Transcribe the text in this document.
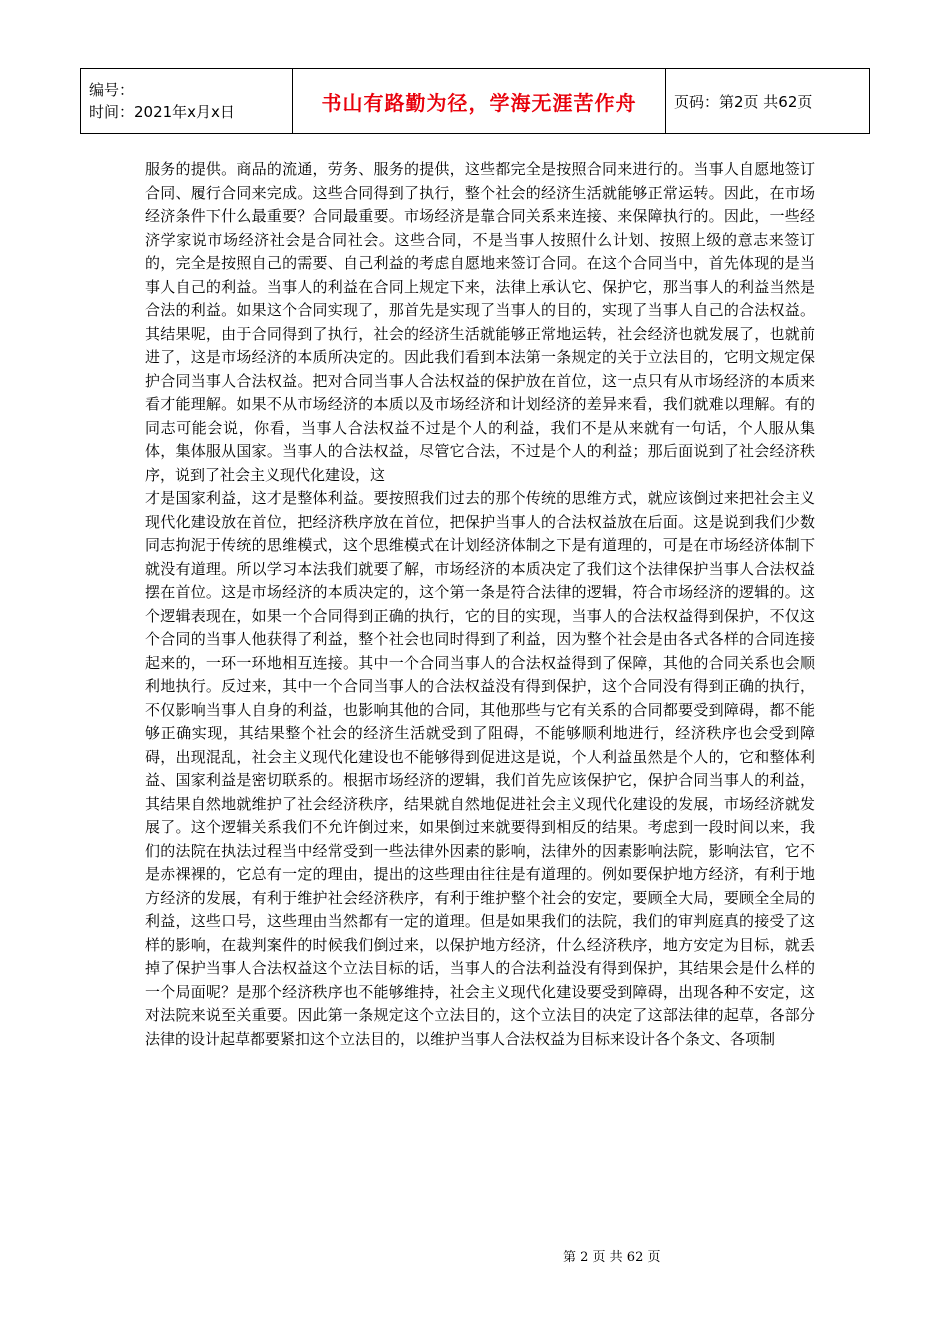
编号：
时间：2021年x月x日	书山有路勤为径，学海无涯苦作舟	页码：第2页 共62页

服务的提供。商品的流通，劳务、服务的提供，这些都完全是按照合同来进行的。当事人自愿地签订合同、履行合同来完成。这些合同得到了执行，整个社会的经济生活就能够正常运转。因此，在市场经济条件下什么最重要？合同最重要。市场经济是靠合同关系来连接、来保障执行的。因此，一些经济学家说市场经济社会是合同社会。这些合同，不是当事人按照什么计划、按照上级的意志来签订的，完全是按照自己的需要、自己利益的考虑自愿地来签订合同。在这个合同当中，首先体现的是当事人自己的利益。当事人的利益在合同上规定下来，法律上承认它、保护它，那当事人的利益当然是合法的利益。如果这个合同实现了，那首先是实现了当事人的目的，实现了当事人自己的合法权益。其结果呢，由于合同得到了执行，社会的经济生活就能够正常地运转，社会经济也就发展了，也就前进了，这是市场经济的本质所决定的。因此我们看到本法第一条规定的关于立法目的，它明文规定保护合同当事人合法权益。把对合同当事人合法权益的保护放在首位，这一点只有从市场经济的本质来看才能理解。如果不从市场经济的本质以及市场经济和计划经济的差异来看，我们就难以理解。有的同志可能会说，你看，当事人合法权益不过是个人的利益，我们不是从来就有一句话，个人服从集体，集体服从国家。当事人的合法权益，尽管它合法，不过是个人的利益；那后面说到了社会经济秩序，说到了社会主义现代化建设，这

才是国家利益，这才是整体利益。要按照我们过去的那个传统的思维方式，就应该倒过来把社会主义现代化建设放在首位，把经济秩序放在首位，把保护当事人的合法权益放在后面。这是说到我们少数同志拘泥于传统的思维模式，这个思维模式在计划经济体制之下是有道理的，可是在市场经济体制下就没有道理。所以学习本法我们就要了解，市场经济的本质决定了我们这个法律保护当事人合法权益摆在首位。这是市场经济的本质决定的，这个第一条是符合法律的逻辑，符合市场经济的逻辑的。这个逻辑表现在，如果一个合同得到正确的执行，它的目的实现，当事人的合法权益得到保护，不仅这个合同的当事人他获得了利益，整个社会也同时得到了利益，因为整个社会是由各式各样的合同连接起来的，一环一环地相互连接。其中一个合同当事人的合法权益得到了保障，其他的合同关系也会顺利地执行。反过来，其中一个合同当事人的合法权益没有得到保护，这个合同没有得到正确的执行，不仅影响当事人自身的利益，也影响其他的合同，其他那些与它有关系的合同都要受到障碍，都不能够正确实现，其结果整个社会的经济生活就受到了阻碍，不能够顺利地进行，经济秩序也会受到障碍，出现混乱，社会主义现代化建设也不能够得到促进这是说，个人利益虽然是个人的，它和整体利益、国家利益是密切联系的。根据市场经济的逻辑，我们首先应该保护它，保护合同当事人的利益，其结果自然地就维护了社会经济秩序，结果就自然地促进社会主义现代化建设的发展，市场经济就发展了。这个逻辑关系我们不允许倒过来，如果倒过来就要得到相反的结果。考虑到一段时间以来，我们的法院在执法过程当中经常受到一些法律外因素的影响，法律外的因素影响法院，影响法官，它不是赤裸裸的，它总有一定的理由，提出的这些理由往往是有道理的。例如要保护地方经济，有利于地方经济的发展，有利于维护社会经济秩序，有利于维护整个社会的安定，要顾全大局，要顾全全局的利益，这些口号，这些理由当然都有一定的道理。但是如果我们的法院，我们的审判庭真的接受了这样的影响，在裁判案件的时候我们倒过来，以保护地方经济，什么经济秩序，地方安定为目标，就丢掉了保护当事人合法权益这个立法目标的话，当事人的合法利益没有得到保护，其结果会是什么样的一个局面呢？是那个经济秩序也不能够维持，社会主义现代化建设要受到障碍，出现各种不安定，这对法院来说至关重要。因此第一条规定这个立法目的，这个立法目的决定了这部法律的起草，各部分法律的设计起草都要紧扣这个立法目的，以维护当事人合法权益为目标来设计各个条文、各项制

第 2 页 共 62 页
